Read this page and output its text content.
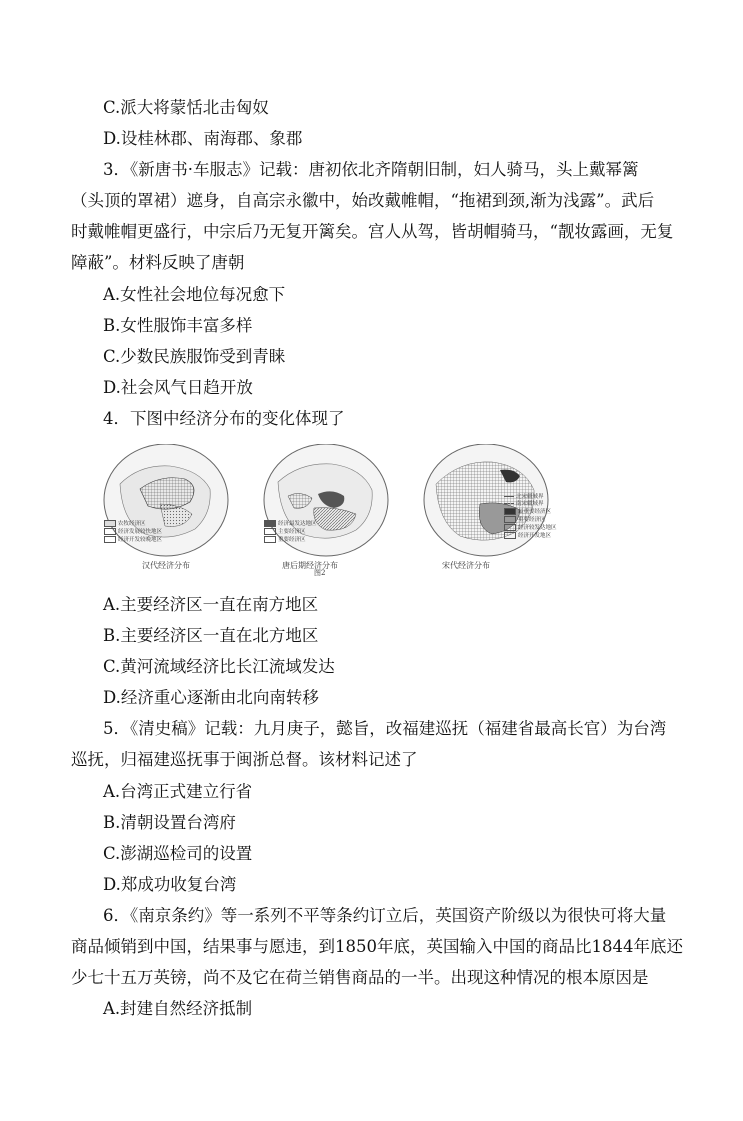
C.派大将蒙恬北击匈奴
D.设桂林郡、南海郡、象郡
3．《新唐书·车服志》记载：唐初依北齐隋朝旧制，妇人骑马，头上戴幂篱
（头顶的罩裙）遮身，自高宗永徽中，始改戴帷帽，“拖裙到颈,渐为浅露”。武后
时戴帷帽更盛行，中宗后乃无复开篱矣。宫人从驾，皆胡帽骑马，“靓妆露画，无复
障蔽”。材料反映了唐朝
A.女性社会地位每况愈下
B.女性服饰丰富多样
C.少数民族服饰受到青睐
D.社会风气日趋开放
4．下图中经济分布的变化体现了
农牧经济区
经济发展较快地区
经济开发较晚地区
汉代经济分布
经济最发达地区
主要经济区
重要经济区
唐后期经济分布
图2
北宋疆域界
南宋疆域界
最重要经济区
重要经济区
经济较发达地区
经济开发地区
宋代经济分布
A.主要经济区一直在南方地区
B.主要经济区一直在北方地区
C.黄河流域经济比长江流域发达
D.经济重心逐渐由北向南转移
5．《清史稿》记载：九月庚子，懿旨，改福建巡抚（福建省最高长官）为台湾
巡抚，归福建巡抚事于闽浙总督。该材料记述了
A.台湾正式建立行省
B.清朝设置台湾府
C.澎湖巡检司的设置
D.郑成功收复台湾
6．《南京条约》等一系列不平等条约订立后，英国资产阶级以为很快可将大量
商品倾销到中国，结果事与愿违，到1850年底，英国输入中国的商品比1844年底还
少七十五万英镑，尚不及它在荷兰销售商品的一半。出现这种情况的根本原因是
A.封建自然经济抵制
